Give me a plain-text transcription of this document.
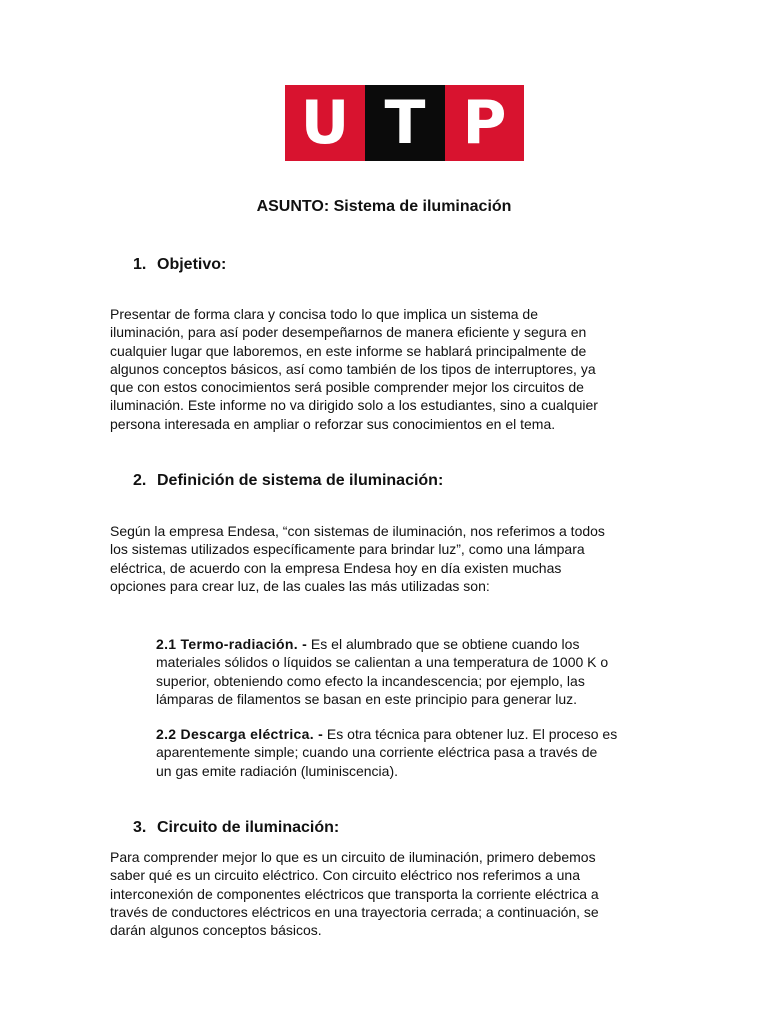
U T P
ASUNTO: Sistema de iluminación
1. Objetivo:

Presentar de forma clara y concisa todo lo que implica un sistema de
iluminación, para así poder desempeñarnos de manera eficiente y segura en
cualquier lugar que laboremos, en este informe se hablará principalmente de
algunos conceptos básicos, así como también de los tipos de interruptores, ya
que con estos conocimientos será posible comprender mejor los circuitos de
iluminación. Este informe no va dirigido solo a los estudiantes, sino a cualquier
persona interesada en ampliar o reforzar sus conocimientos en el tema.

2. Definición de sistema de iluminación:

Según la empresa Endesa, “con sistemas de iluminación, nos referimos a todos
los sistemas utilizados específicamente para brindar luz”, como una lámpara
eléctrica, de acuerdo con la empresa Endesa hoy en día existen muchas
opciones para crear luz, de las cuales las más utilizadas son:

2.1 Termo-radiación. - Es el alumbrado que se obtiene cuando los
materiales sólidos o líquidos se calientan a una temperatura de 1000 K o
superior, obteniendo como efecto la incandescencia; por ejemplo, las
lámparas de filamentos se basan en este principio para generar luz.

2.2 Descarga eléctrica. - Es otra técnica para obtener luz. El proceso es
aparentemente simple; cuando una corriente eléctrica pasa a través de
un gas emite radiación (luminiscencia).

3. Circuito de iluminación:

Para comprender mejor lo que es un circuito de iluminación, primero debemos
saber qué es un circuito eléctrico. Con circuito eléctrico nos referimos a una
interconexión de componentes eléctricos que transporta la corriente eléctrica a
través de conductores eléctricos en una trayectoria cerrada; a continuación, se
darán algunos conceptos básicos.
